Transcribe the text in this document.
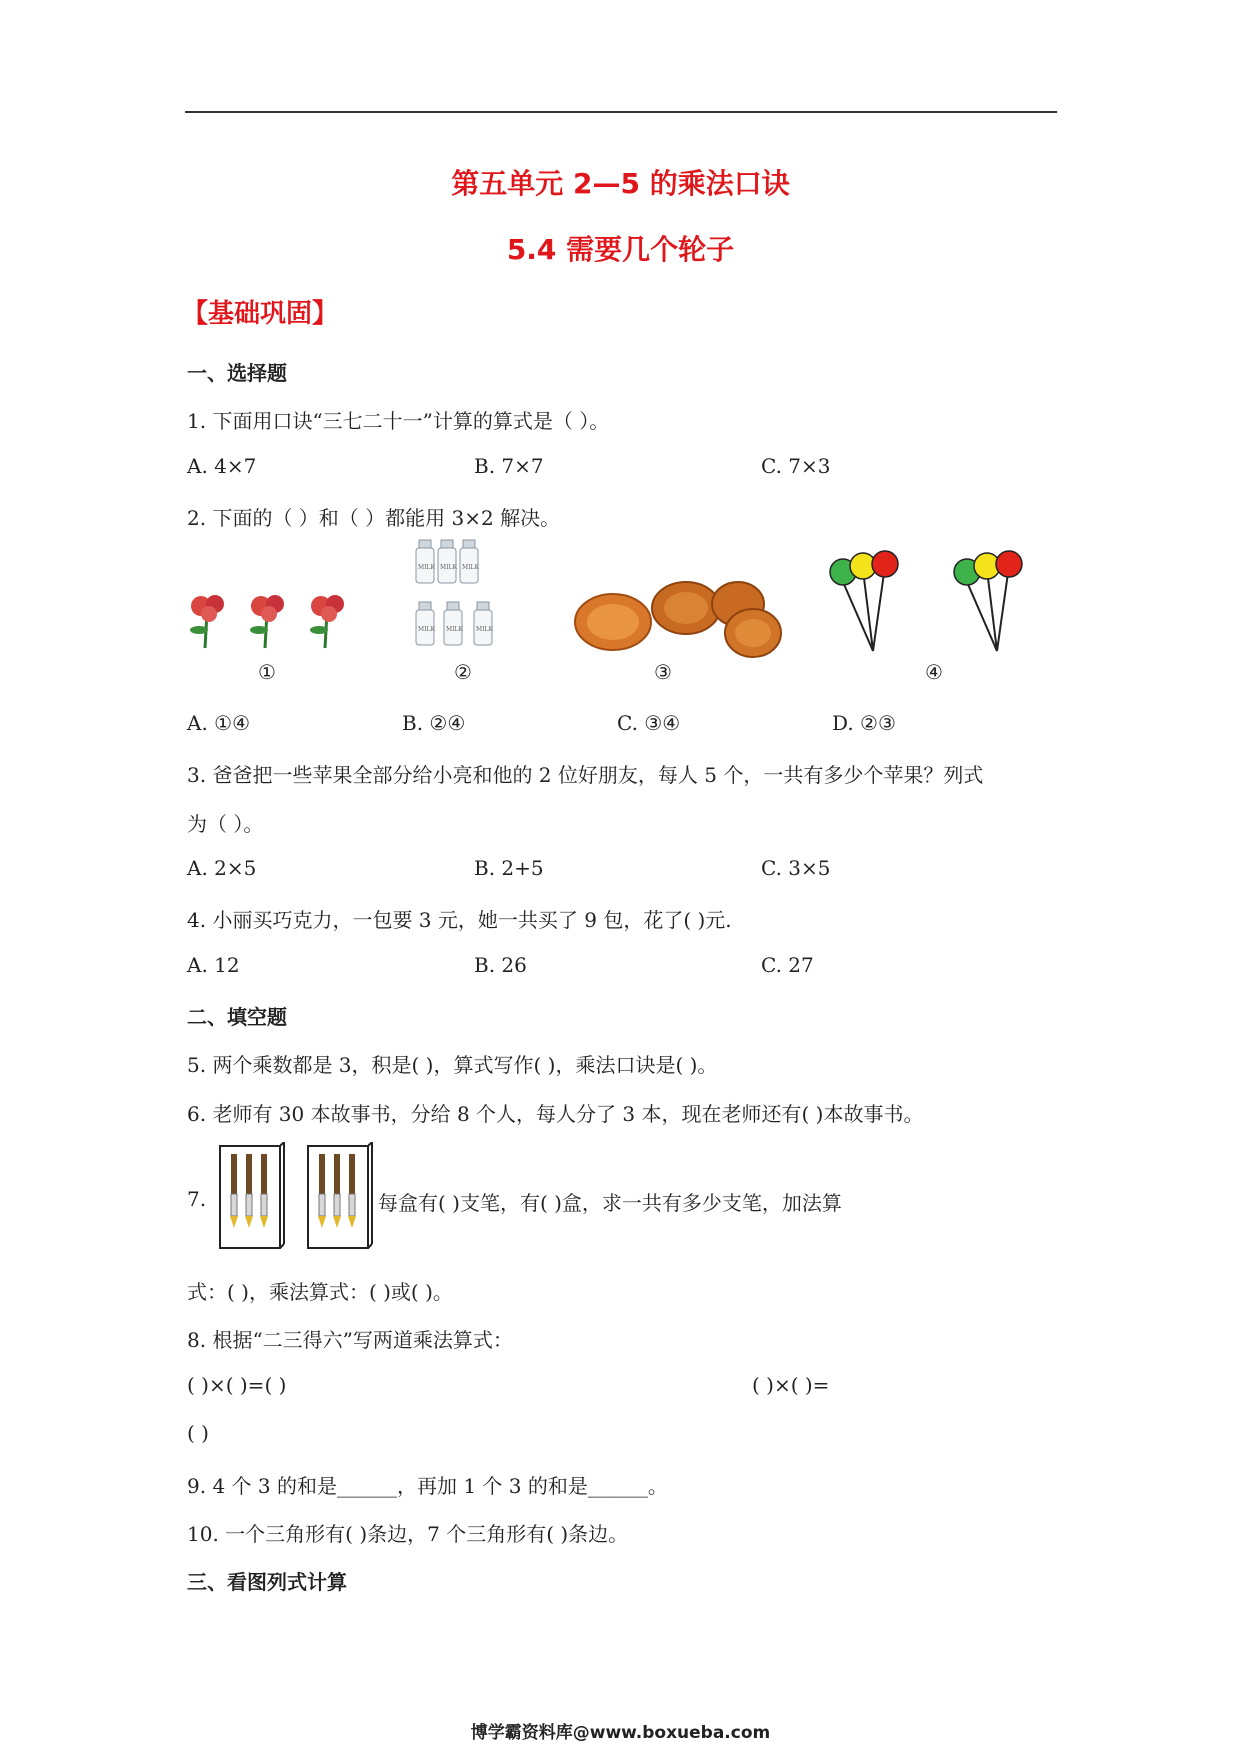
第五单元 2—5 的乘法口诀
5.4 需要几个轮子
【基础巩固】
一、选择题
1. 下面用口诀“三七二十一”计算的算式是（ ）。
A. 4×7	B. 7×7	C. 7×3
2. 下面的（ ）和（ ）都能用 3×2 解决。
MILK MILK MILK
MILK MILK MILK
①	②	③	④
A. ①④	B. ②④	C. ③④	D. ②③
3. 爸爸把一些苹果全部分给小亮和他的 2 位好朋友，每人 5 个，一共有多少个苹果？列式
为（ ）。
A. 2×5	B. 2+5	C. 3×5
4. 小丽买巧克力，一包要 3 元，她一共买了 9 包，花了( )元.
A. 12	B. 26	C. 27
二、填空题
5. 两个乘数都是 3，积是( )，算式写作( )，乘法口诀是( )。
6. 老师有 30 本故事书，分给 8 个人，每人分了 3 本，现在老师还有( )本故事书。
7.	每盒有( )支笔，有( )盒，求一共有多少支笔，加法算
式：( )，乘法算式：( )或( )。
8. 根据“二三得六”写两道乘法算式：
( )×( )=( )	( )×( )=
( )
9. 4 个 3 的和是______，再加 1 个 3 的和是______。
10. 一个三角形有( )条边，7 个三角形有( )条边。
三、看图列式计算
博学霸资料库@www.boxueba.com
